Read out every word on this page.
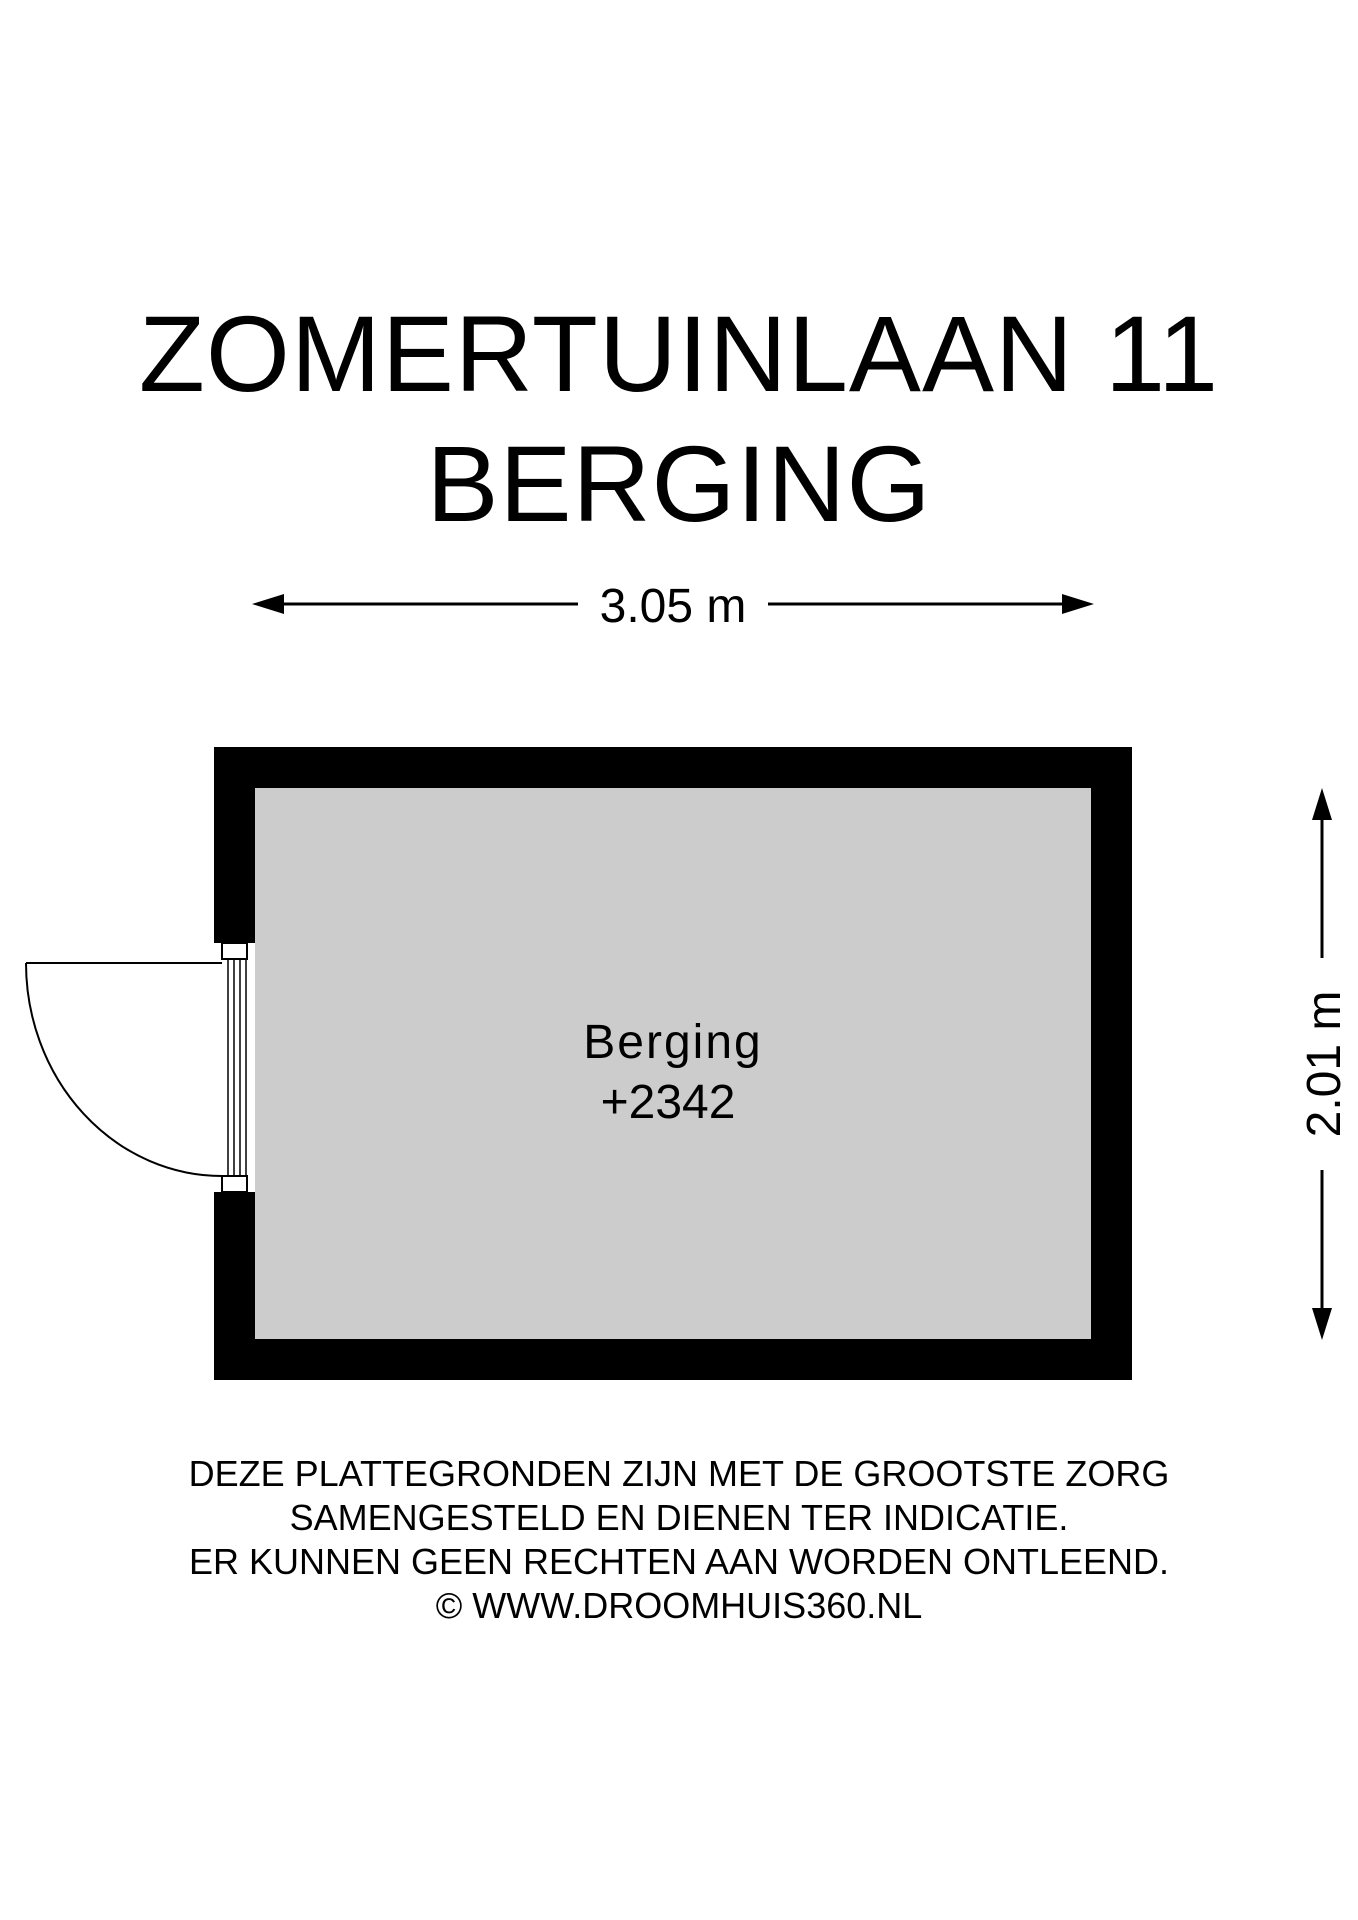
ZOMERTUINLAAN 11
BERGING
3.05 m
2.01 m
Berging
+2342
DEZE PLATTEGRONDEN ZIJN MET DE GROOTSTE ZORG
SAMENGESTELD EN DIENEN TER INDICATIE.
ER KUNNEN GEEN RECHTEN AAN WORDEN ONTLEEND.
© WWW.DROOMHUIS360.NL
